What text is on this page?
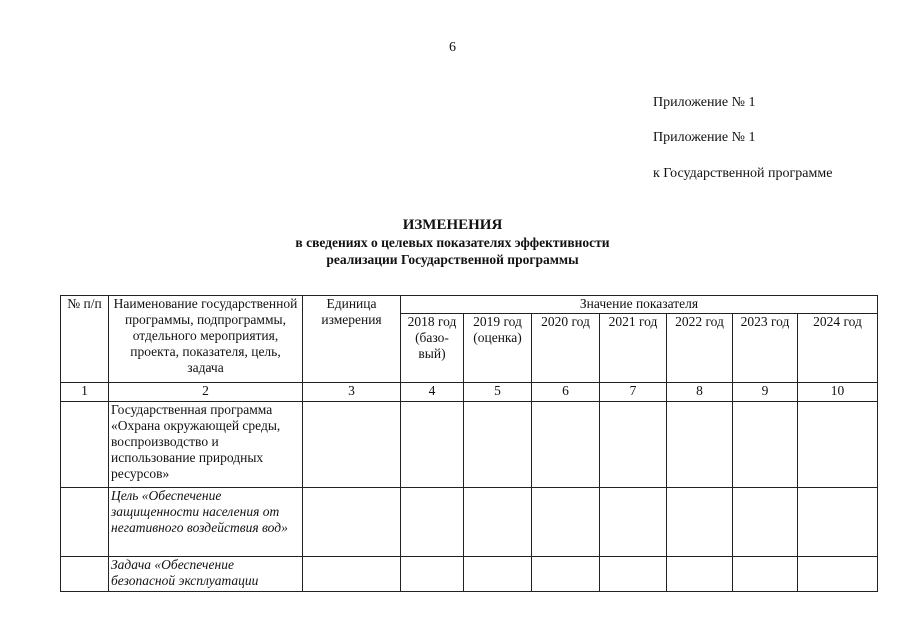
6
Приложение № 1
Приложение № 1
к Государственной программе
ИЗМЕНЕНИЯ
в сведениях о целевых показателях эффективности
реализации Государственной программы
№ п/п	Наименование государственной программы, подпрограммы, отдельного мероприятия, проекта, показателя, цель, задача	Единица измерения	Значение показателя						
			2018 год (базо-вый)	2019 год (оценка)	2020 год	2021 год	2022 год	2023 год	2024 год
1	2	3	4	5	6	7	8	9	10
	Государственная программа «Охрана окружающей среды, воспроизводство и использование природных ресурсов»								
	Цель «Обеспечение защищенности населения от негативного воздействия вод»								
	Задача «Обеспечение безопасной эксплуатации								
